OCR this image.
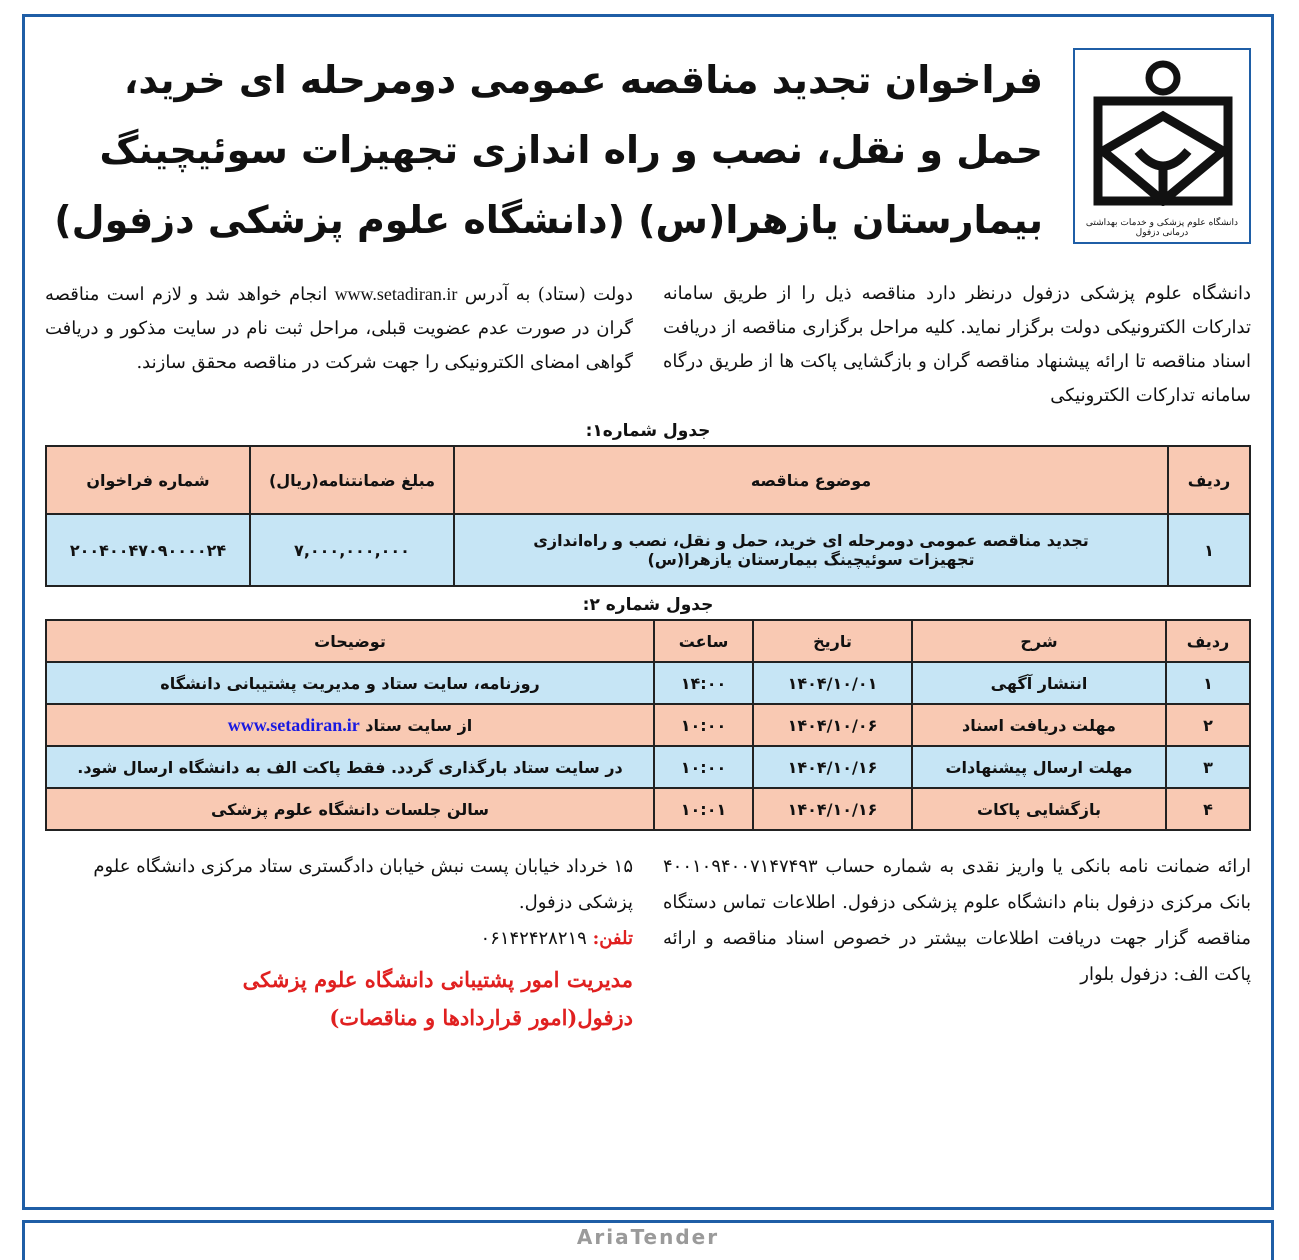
دانشگاه علوم پزشکی و خدمات بهداشتی درمانی دزفول
فراخوان تجدید مناقصه عمومی دومرحله ای خرید،
حمل و نقل، نصب و راه اندازی تجهیزات سوئیچینگ
بیمارستان یازهرا(س) (دانشگاه علوم پزشکی دزفول)
دانشگاه علوم پزشکی دزفول درنظر دارد مناقصه ذیل را از طریق سامانه تدارکات الکترونیکی دولت برگزار نماید. کلیه مراحل برگزاری مناقصه از دریافت اسناد مناقصه تا ارائه پیشنهاد مناقصه گران و بازگشایی پاکت ها از طریق درگاه سامانه تدارکات الکترونیکی
دولت (ستاد) به آدرس www.setadiran.ir انجام خواهد شد و لازم است مناقصه گران در صورت عدم عضویت قبلی، مراحل ثبت نام در سایت مذکور و دریافت گواهی امضای الکترونیکی را جهت شرکت در مناقصه محقق سازند.
جدول شماره۱:
ردیف	موضوع مناقصه	مبلغ ضمانتنامه(ریال)	شماره فراخوان
۱	تجدید مناقصه عمومی دومرحله ای خرید، حمل و نقل، نصب و راه‌اندازی تجهیزات سوئیچینگ بیمارستان یازهرا(س)	۷,۰۰۰,۰۰۰,۰۰۰	۲۰۰۴۰۰۴۷۰۹۰۰۰۰۲۴
جدول شماره ۲:
ردیف	شرح	تاریخ	ساعت	توضیحات
۱	انتشار آگهی	۱۴۰۴/۱۰/۰۱	۱۴:۰۰	روزنامه، سایت ستاد و مدیریت پشتیبانی دانشگاه
۲	مهلت دریافت اسناد	۱۴۰۴/۱۰/۰۶	۱۰:۰۰	از سایت ستاد www.setadiran.ir
۳	مهلت ارسال پیشنهادات	۱۴۰۴/۱۰/۱۶	۱۰:۰۰	در سایت ستاد بارگذاری گردد. فقط پاکت الف به دانشگاه ارسال شود.
۴	بازگشایی پاکات	۱۴۰۴/۱۰/۱۶	۱۰:۰۱	سالن جلسات دانشگاه علوم پزشکی
ارائه ضمانت نامه بانکی یا واریز نقدی به شماره حساب ۴۰۰۱۰۹۴۰۰۷۱۴۷۴۹۳ بانک مرکزی دزفول بنام دانشگاه علوم پزشکی دزفول. اطلاعات تماس دستگاه مناقصه گزار جهت دریافت اطلاعات بیشتر در خصوص اسناد مناقصه و ارائه پاکت الف: دزفول بلوار
۱۵ خرداد خیابان پست نبش خیابان دادگستری ستاد مرکزی دانشگاه علوم پزشکی دزفول.
تلفن: ۰۶۱۴۲۴۲۸۲۱۹
مدیریت امور پشتیبانی دانشگاه علوم پزشکی
دزفول(امور قراردادها و مناقصات)
AriaTender
